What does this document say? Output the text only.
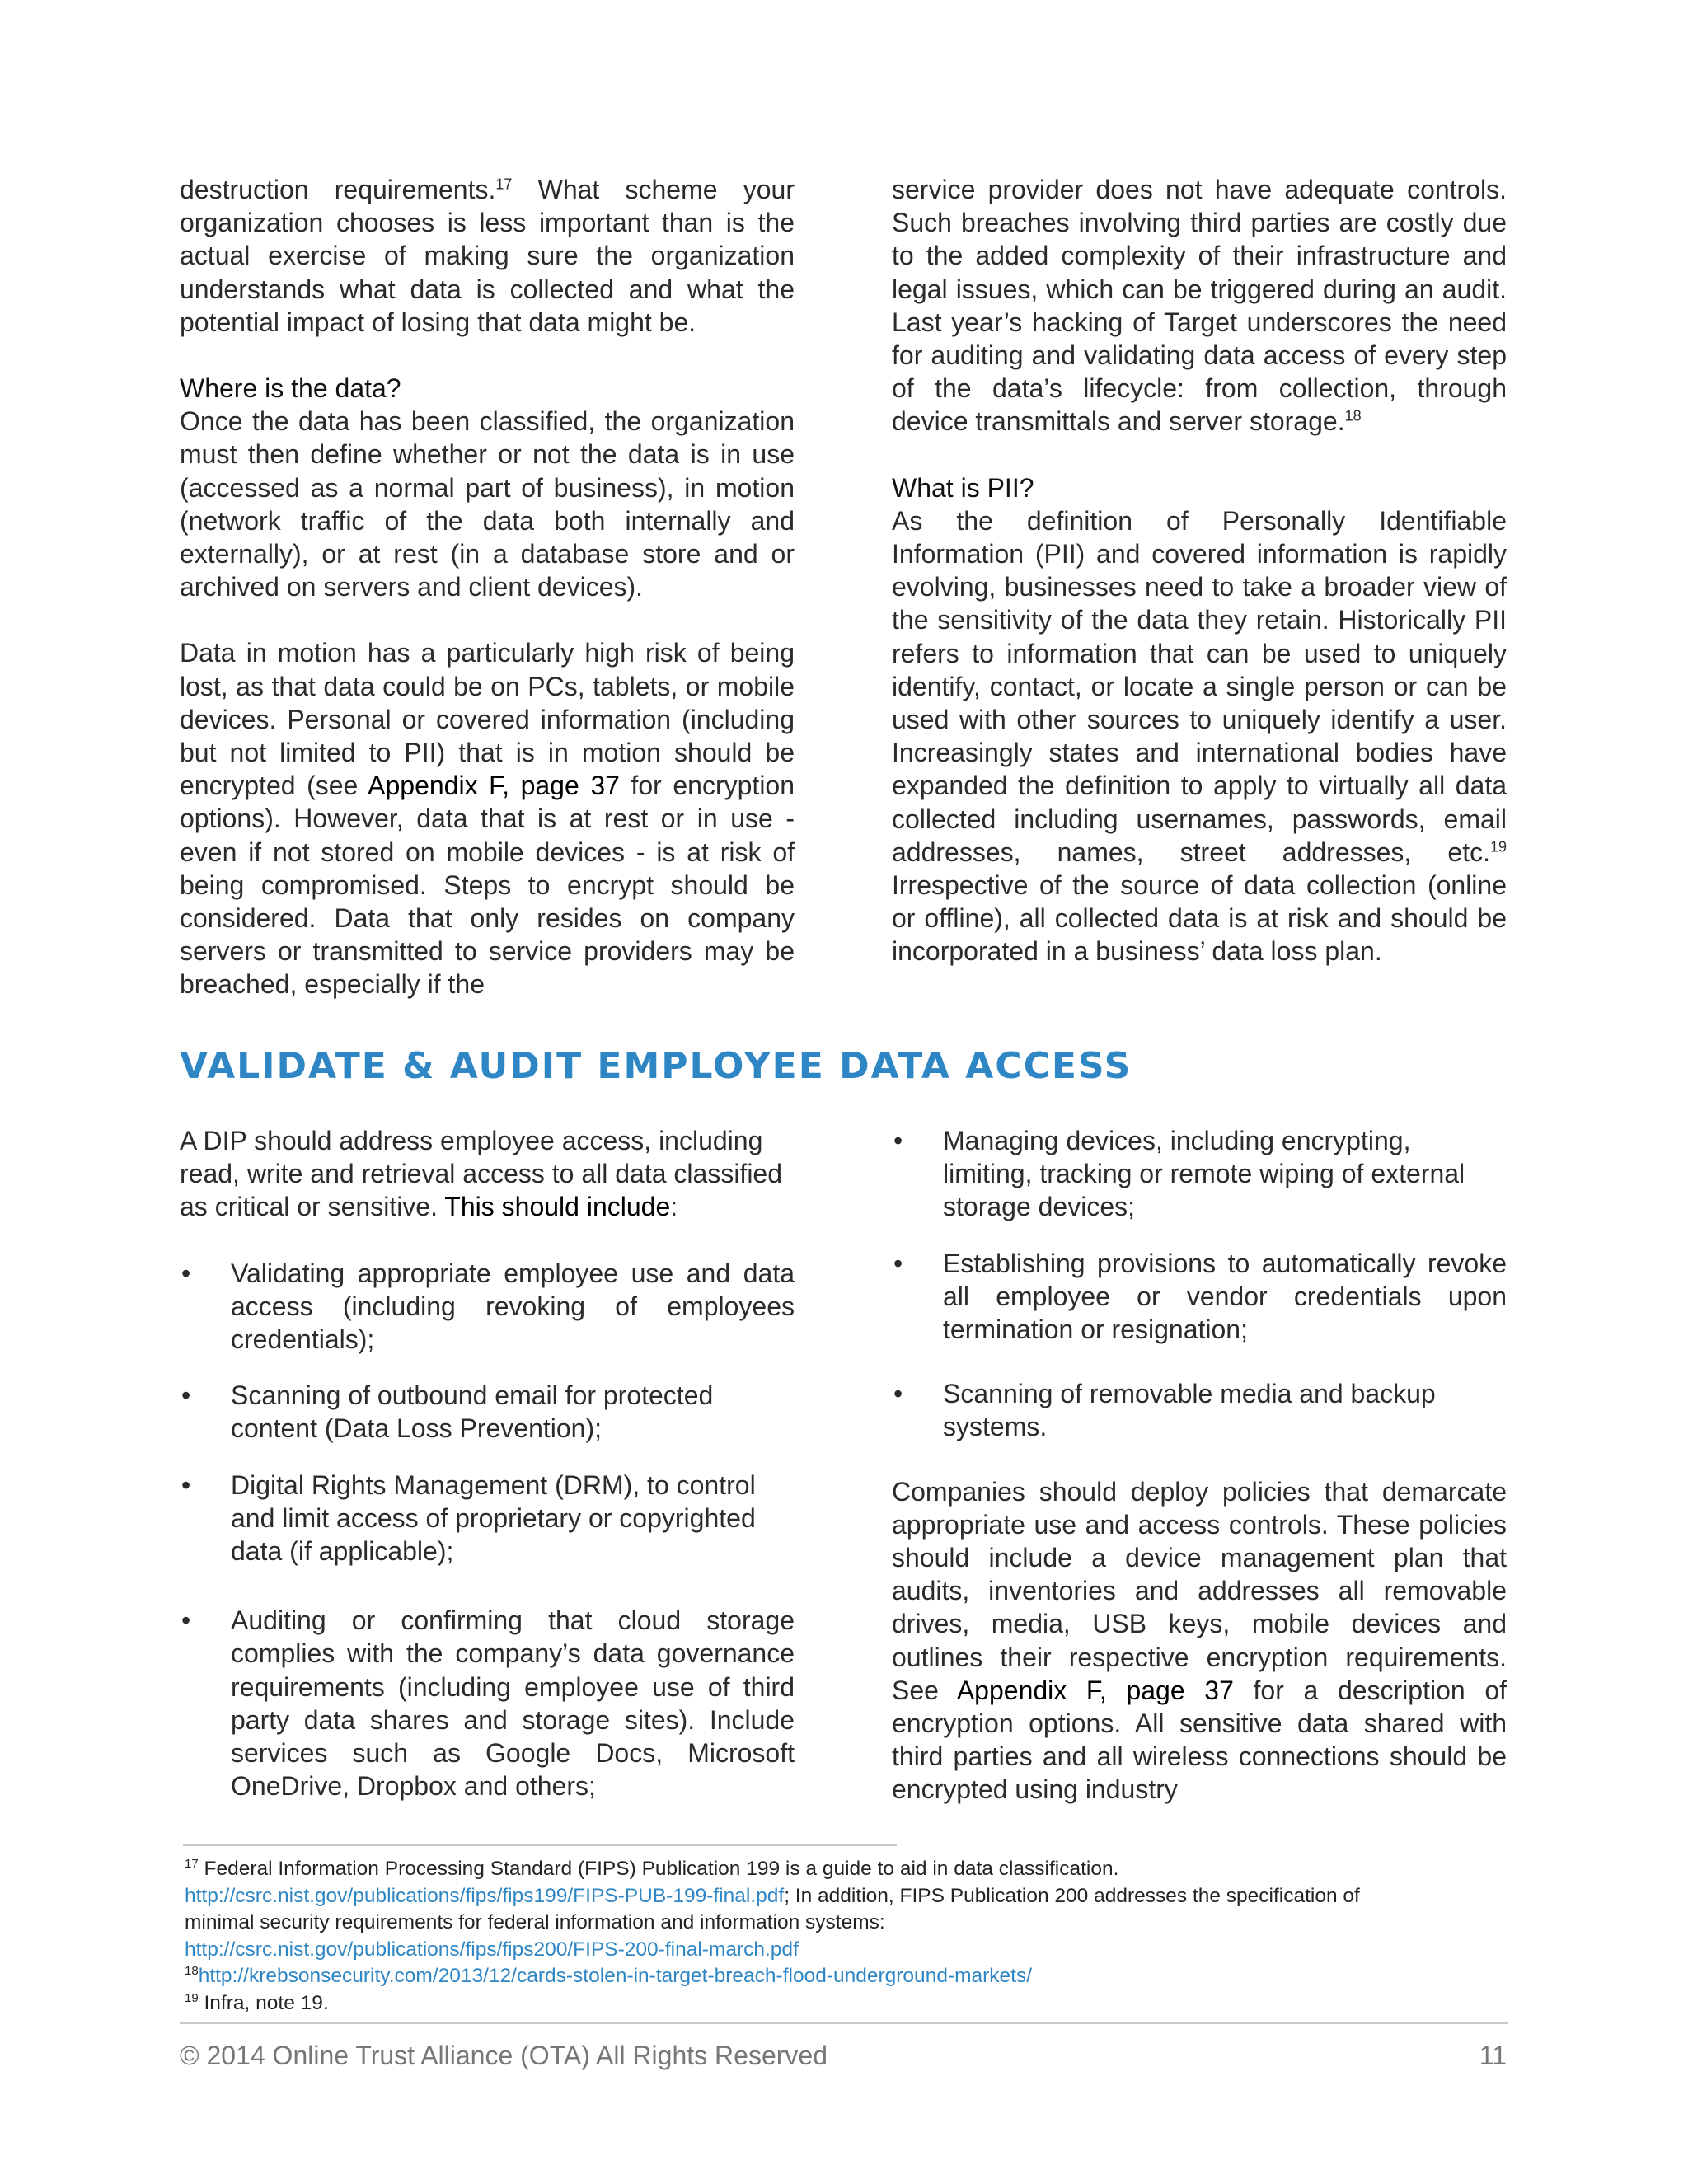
destruction requirements.$^{17}$ What scheme your organization chooses is less important than is the actual exercise of making sure the organization understands what data is collected and what the potential impact of losing that data might be.

Where is the data?

Once the data has been classified, the organization must then define whether or not the data is in use (accessed as a normal part of business), in motion (network traffic of the data both internally and externally), or at rest (in a database store and or archived on servers and client devices).

Data in motion has a particularly high risk of being lost, as that data could be on PCs, tablets, or mobile devices. Personal or covered information (including but not limited to PII) that is in motion should be encrypted (see Appendix F, page 37 for encryption options). However, data that is at rest or in use - even if not stored on mobile devices - is at risk of being compromised. Steps to encrypt should be considered. Data that only resides on company servers or transmitted to service providers may be breached, especially if the

service provider does not have adequate controls. Such breaches involving third parties are costly due to the added complexity of their infrastructure and legal issues, which can be triggered during an audit. Last year’s hacking of Target underscores the need for auditing and validating data access of every step of the data’s lifecycle: from collection, through device transmittals and server storage.$^{18}$

What is PII?

As the definition of Personally Identifiable Information (PII) and covered information is rapidly evolving, businesses need to take a broader view of the sensitivity of the data they retain. Historically PII refers to information that can be used to uniquely identify, contact, or locate a single person or can be used with other sources to uniquely identify a user. Increasingly states and international bodies have expanded the definition to apply to virtually all data collected including usernames, passwords, email addresses, names, street addresses, etc.$^{19}$ Irrespective of the source of data collection (online or offline), all collected data is at risk and should be incorporated in a business’ data loss plan.

VALIDATE & AUDIT EMPLOYEE DATA ACCESS

A DIP should address employee access, including read, write and retrieval access to all data classified as critical or sensitive. This should include:

• Validating appropriate employee use and data access (including revoking of employees credentials);
• Scanning of outbound email for protected content (Data Loss Prevention);
• Digital Rights Management (DRM), to control and limit access of proprietary or copyrighted data (if applicable);
• Auditing or confirming that cloud storage complies with the company’s data governance requirements (including employee use of third party data shares and storage sites). Include services such as Google Docs, Microsoft OneDrive, Dropbox and others;
• Managing devices, including encrypting, limiting, tracking or remote wiping of external storage devices;
• Establishing provisions to automatically revoke all employee or vendor credentials upon termination or resignation;
• Scanning of removable media and backup systems.

Companies should deploy policies that demarcate appropriate use and access controls. These policies should include a device management plan that audits, inventories and addresses all removable drives, media, USB keys, mobile devices and outlines their respective encryption requirements. See Appendix F, page 37 for a description of encryption options. All sensitive data shared with third parties and all wireless connections should be encrypted using industry

$^{17}$ Federal Information Processing Standard (FIPS) Publication 199 is a guide to aid in data classification.
http://csrc.nist.gov/publications/fips/fips199/FIPS-PUB-199-final.pdf; In addition, FIPS Publication 200 addresses the specification of
minimal security requirements for federal information and information systems:
http://csrc.nist.gov/publications/fips/fips200/FIPS-200-final-march.pdf
$^{18}$http://krebsonsecurity.com/2013/12/cards-stolen-in-target-breach-flood-underground-markets/
$^{19}$ Infra, note 19.
© 2014 Online Trust Alliance (OTA) All Rights Reserved	11
